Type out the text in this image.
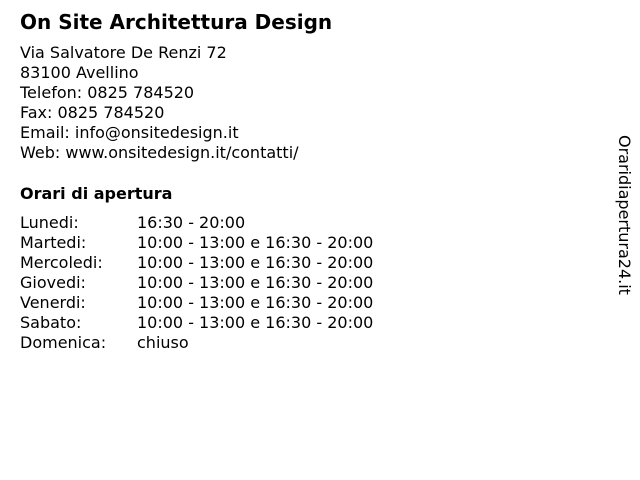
On Site Architettura Design
Via Salvatore De Renzi 72
83100 Avellino
Telefon: 0825 784520
Fax: 0825 784520
Email: info@onsitedesign.it
Web: www.onsitedesign.it/contatti/
Orari di apertura
Lunedi:	16:30 - 20:00
Martedi:	10:00 - 13:00 e 16:30 - 20:00
Mercoledi:	10:00 - 13:00 e 16:30 - 20:00
Giovedi:	10:00 - 13:00 e 16:30 - 20:00
Venerdi:	10:00 - 13:00 e 16:30 - 20:00
Sabato:	10:00 - 13:00 e 16:30 - 20:00
Domenica:	chiuso
Oraridiapertura24.it
